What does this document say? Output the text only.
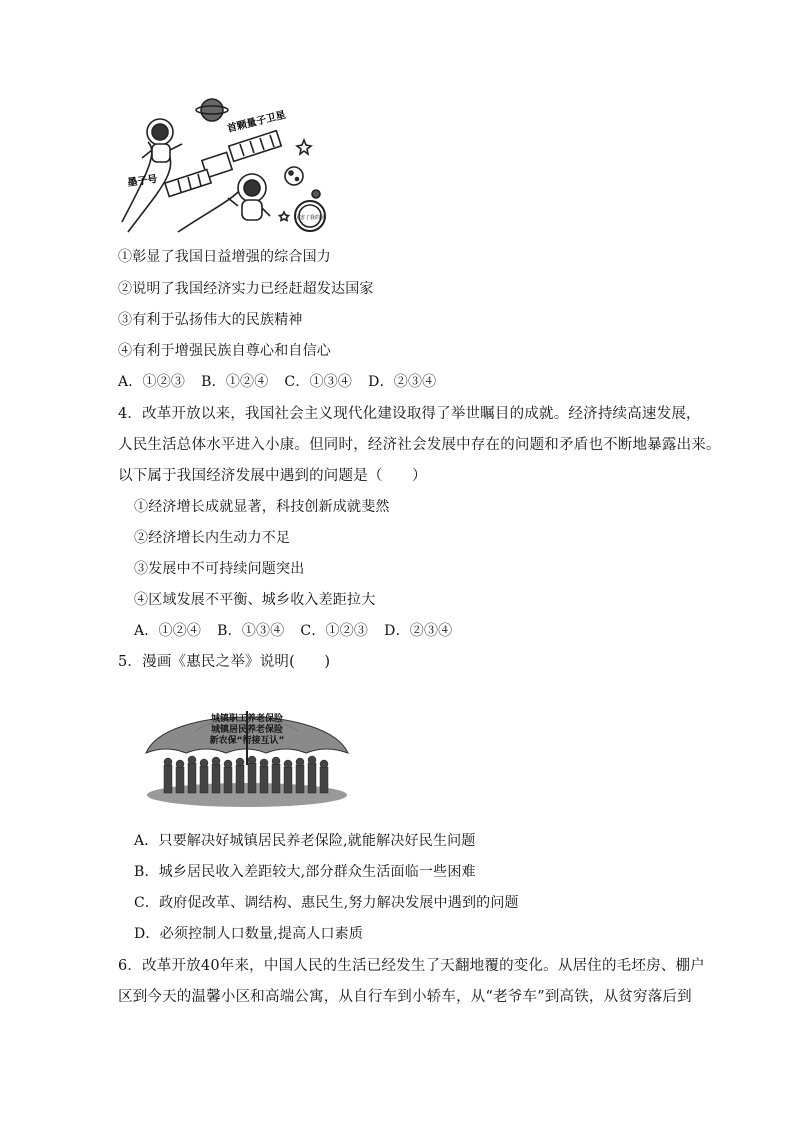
首颗量子卫星
墨子号
厉害了我的国
①彰显了我国日益增强的综合国力
②说明了我国经济实力已经赶超发达国家
③有利于弘扬伟大的民族精神
④有利于增强民族自尊心和自信心
A．①②③ B．①②④ C．①③④ D．②③④
4．改革开放以来，我国社会主义现代化建设取得了举世瞩目的成就。经济持续高速发展，
人民生活总体水平进入小康。但同时，经济社会发展中存在的问题和矛盾也不断地暴露出来。
以下属于我国经济发展中遇到的问题是（　　）
①经济增长成就显著，科技创新成就斐然
②经济增长内生动力不足
③发展中不可持续问题突出
④区域发展不平衡、城乡收入差距拉大
A．①②④ B．①③④ C．①②③ D．②③④
5．漫画《惠民之举》说明(　　)
城镇职工养老保险
城镇居民养老保险
新农保“衔接互认”
A．只要解决好城镇居民养老保险,就能解决好民生问题
B．城乡居民收入差距较大,部分群众生活面临一些困难
C．政府促改革、调结构、惠民生,努力解决发展中遇到的问题
D．必须控制人口数量,提高人口素质
6．改革开放40年来，中国人民的生活已经发生了天翻地覆的变化。从居住的毛坯房、棚户
区到今天的温馨小区和高端公寓，从自行车到小轿车，从“老爷车”到高铁，从贫穷落后到
